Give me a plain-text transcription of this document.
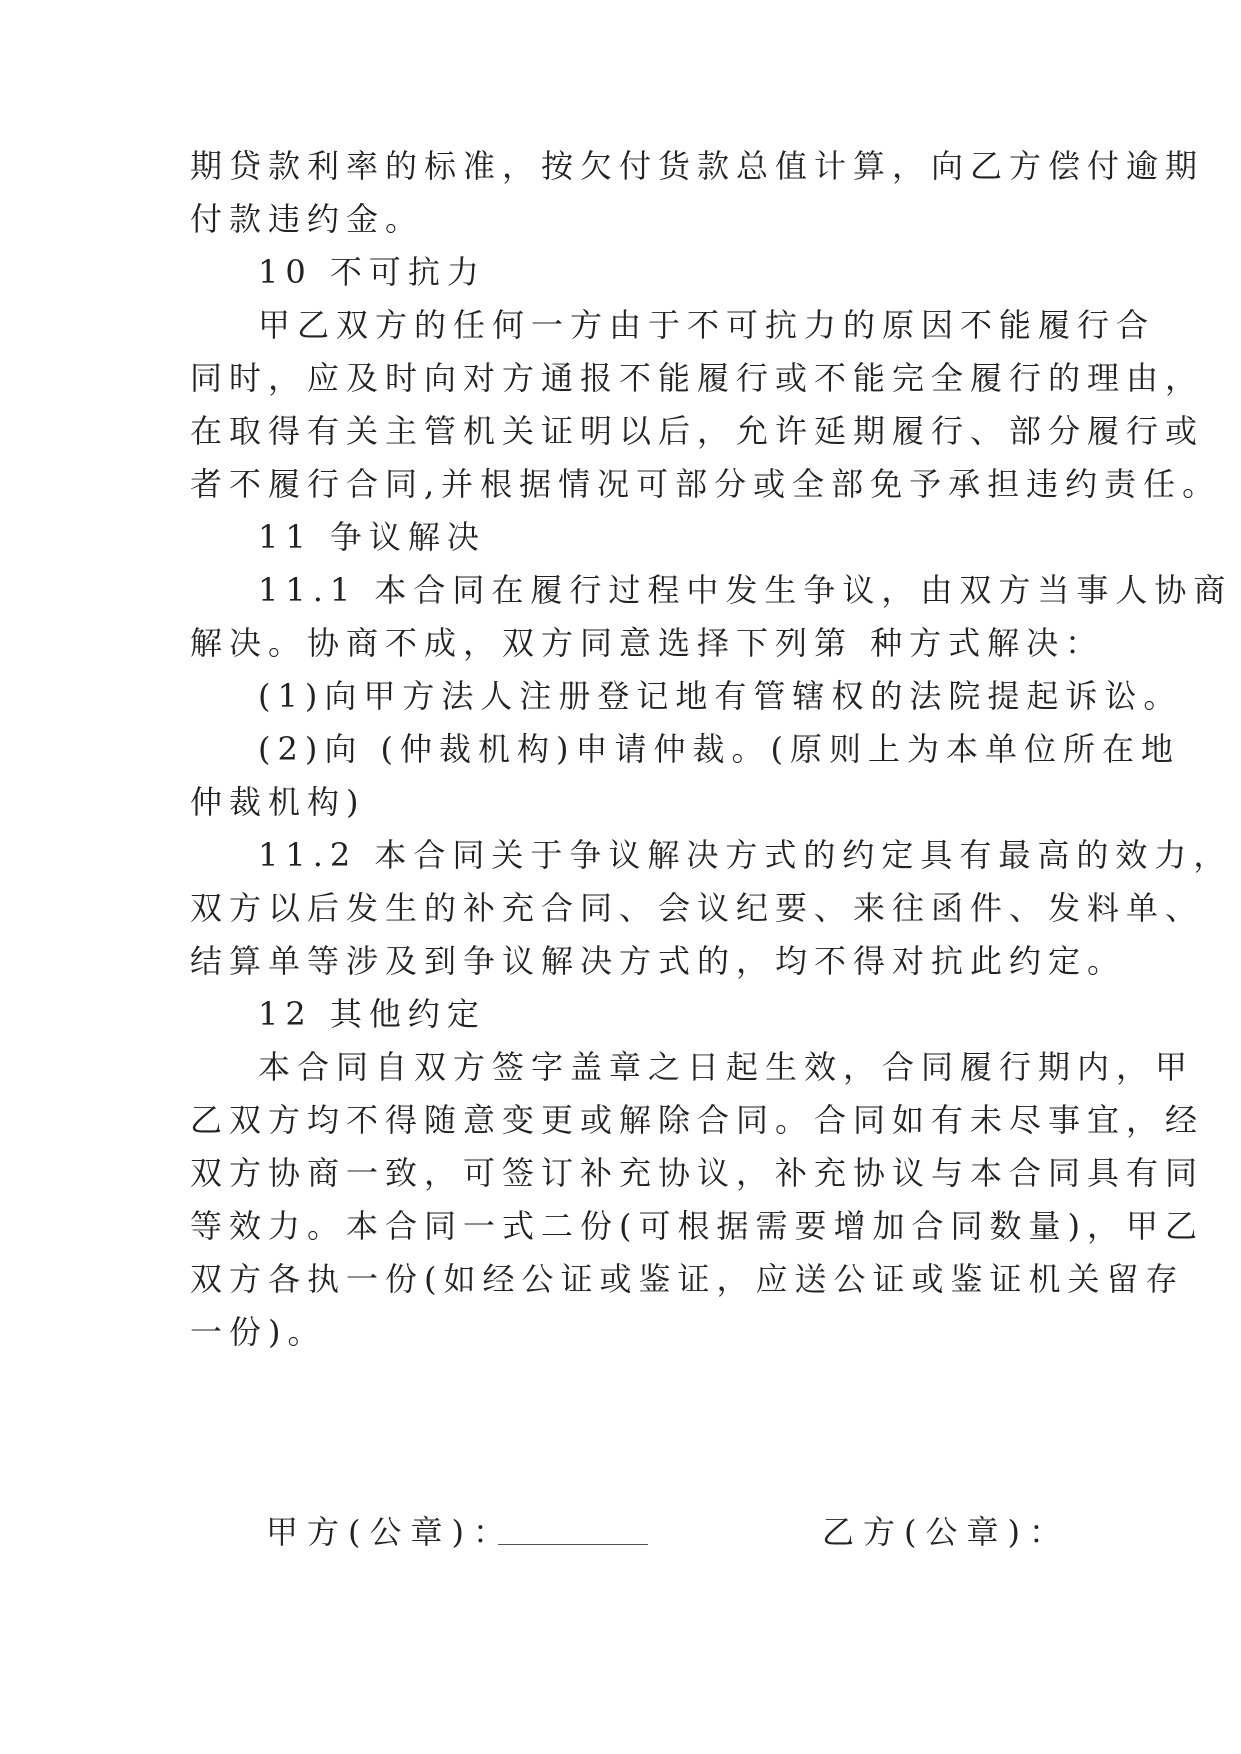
期贷款利率的标准，按欠付货款总值计算，向乙方偿付逾期
付款违约金。
10 不可抗力
甲乙双方的任何一方由于不可抗力的原因不能履行合
同时，应及时向对方通报不能履行或不能完全履行的理由，
在取得有关主管机关证明以后，允许延期履行、部分履行或
者不履行合同,并根据情况可部分或全部免予承担违约责任。
11 争议解决
11.1 本合同在履行过程中发生争议，由双方当事人协商
解决。协商不成，双方同意选择下列第 种方式解决：
(1)向甲方法人注册登记地有管辖权的法院提起诉讼。
(2)向 (仲裁机构)申请仲裁。(原则上为本单位所在地
仲裁机构)
11.2 本合同关于争议解决方式的约定具有最高的效力，
双方以后发生的补充合同、会议纪要、来往函件、发料单、
结算单等涉及到争议解决方式的，均不得对抗此约定。
12 其他约定
本合同自双方签字盖章之日起生效，合同履行期内，甲
乙双方均不得随意变更或解除合同。合同如有未尽事宜，经
双方协商一致，可签订补充协议，补充协议与本合同具有同
等效力。本合同一式二份(可根据需要增加合同数量)，甲乙
双方各执一份(如经公证或鉴证，应送公证或鉴证机关留存
一份)。
甲方(公章)：	乙方(公章)：
